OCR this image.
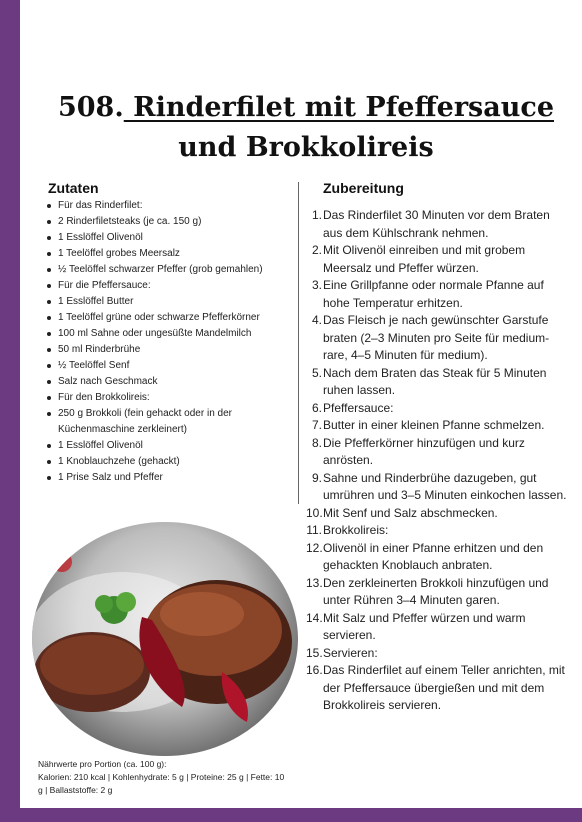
508. Rinderfilet mit Pfeffersauce
und Brokkolireis
Zutaten
Für das Rinderfilet:
2 Rinderfiletsteaks (je ca. 150 g)
1 Esslöffel Olivenöl
1 Teelöffel grobes Meersalz
½ Teelöffel schwarzer Pfeffer (grob gemahlen)
Für die Pfeffersauce:
1 Esslöffel Butter
1 Teelöffel grüne oder schwarze Pfefferkörner
100 ml Sahne oder ungesüßte Mandelmilch
50 ml Rinderbrühe
½ Teelöffel Senf
Salz nach Geschmack
Für den Brokkolireis:
250 g Brokkoli (fein gehackt oder in der Küchenmaschine zerkleinert)
1 Esslöffel Olivenöl
1 Knoblauchzehe (gehackt)
1 Prise Salz und Pfeffer
Zubereitung
1. Das Rinderfilet 30 Minuten vor dem Braten aus dem Kühlschrank nehmen.
2. Mit Olivenöl einreiben und mit grobem Meersalz und Pfeffer würzen.
3. Eine Grillpfanne oder normale Pfanne auf hohe Temperatur erhitzen.
4. Das Fleisch je nach gewünschter Garstufe braten (2–3 Minuten pro Seite für medium-rare, 4–5 Minuten für medium).
5. Nach dem Braten das Steak für 5 Minuten ruhen lassen.
6. Pfeffersauce:
7. Butter in einer kleinen Pfanne schmelzen.
8. Die Pfefferkörner hinzufügen und kurz anrösten.
9. Sahne und Rinderbrühe dazugeben, gut umrühren und 3–5 Minuten einkochen lassen.
10. Mit Senf und Salz abschmecken.
11. Brokkolireis:
12. Olivenöl in einer Pfanne erhitzen und den gehackten Knoblauch anbraten.
13. Den zerkleinerten Brokkoli hinzufügen und unter Rühren 3–4 Minuten garen.
14. Mit Salz und Pfeffer würzen und warm servieren.
15. Servieren:
16. Das Rinderfilet auf einem Teller anrichten, mit der Pfeffersauce übergießen und mit dem Brokkolireis servieren.
Nährwerte pro Portion (ca. 100 g):
Kalorien: 210 kcal | Kohlenhydrate: 5 g | Proteine: 25 g | Fette: 10 g | Ballaststoffe: 2 g
